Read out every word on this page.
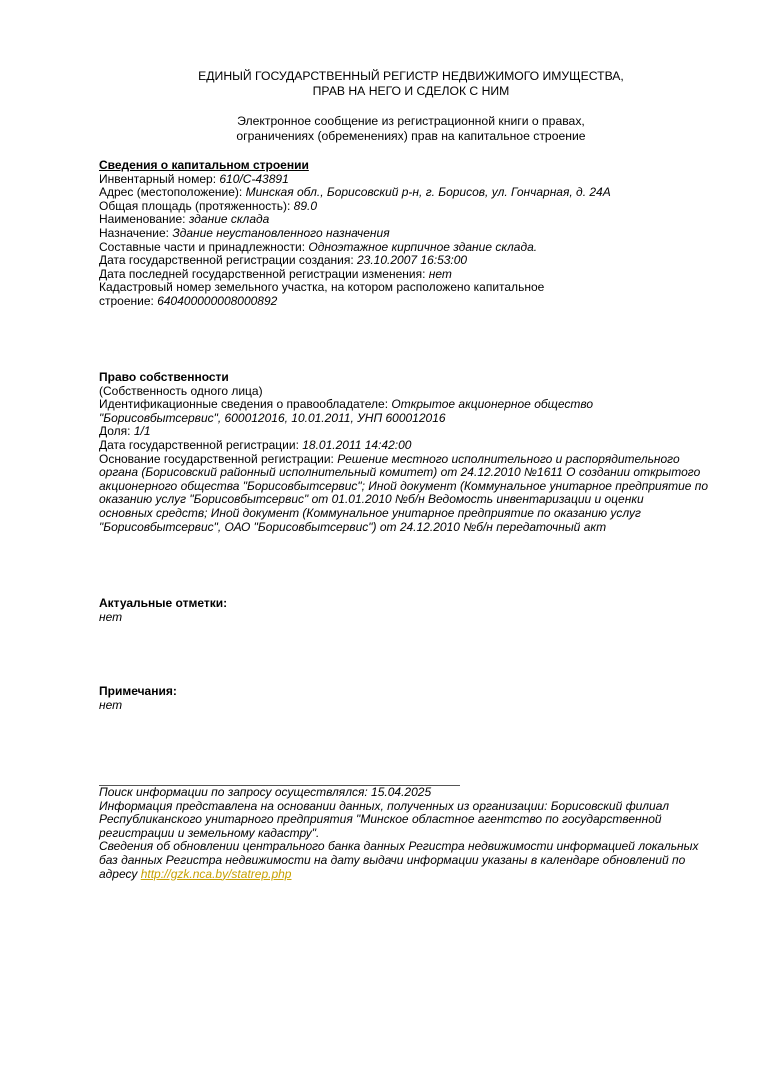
ЕДИНЫЙ ГОСУДАРСТВЕННЫЙ РЕГИСТР НЕДВИЖИМОГО ИМУЩЕСТВА,
ПРАВ НА НЕГО И СДЕЛОК С НИМ
Электронное сообщение из регистрационной книги о правах,
ограничениях (обременениях) прав на капитальное строение
Сведения о капитальном строении
Инвентарный номер: 610/C-43891
Адрес (местоположение): Минская обл., Борисовский р-н, г. Борисов, ул. Гончарная, д. 24А
Общая площадь (протяженность): 89.0
Наименование: здание склада
Назначение: Здание неустановленного назначения
Составные части и принадлежности: Одноэтажное кирпичное здание склада.
Дата государственной регистрации создания: 23.10.2007 16:53:00
Дата последней государственной регистрации изменения: нет
Кадастровый номер земельного участка, на котором расположено капитальное
строение: 640400000008000892
Право собственности
(Собственность одного лица)
Идентификационные сведения о правообладателе: Открытое акционерное общество
"Борисовбытсервис", 600012016, 10.01.2011, УНП 600012016
Доля: 1/1
Дата государственной регистрации: 18.01.2011 14:42:00
Основание государственной регистрации: Решение местного исполнительного и распорядительного
органа (Борисовский районный исполнительный комитет) от 24.12.2010 №1611 О создании открытого
акционерного общества "Борисовбытсервис"; Иной документ (Коммунальное унитарное предприятие по
оказанию услуг "Борисовбытсервис" от 01.01.2010 №б/н Ведомость инвентаризации и оценки
основных средств; Иной документ (Коммунальное унитарное предприятие по оказанию услуг
"Борисовбытсервис", ОАО "Борисовбытсервис") от 24.12.2010 №б/н передаточный акт
Актуальные отметки:
нет
Примечания:
нет
Поиск информации по запросу осуществлялся: 15.04.2025
Информация представлена на основании данных, полученных из организации: Борисовский филиал
Республиканского унитарного предприятия "Минское областное агентство по государственной
регистрации и земельному кадастру".
Сведения об обновлении центрального банка данных Регистра недвижимости информацией локальных
баз данных Регистра недвижимости на дату выдачи информации указаны в календаре обновлений по
адресу http://gzk.nca.by/statrep.php
